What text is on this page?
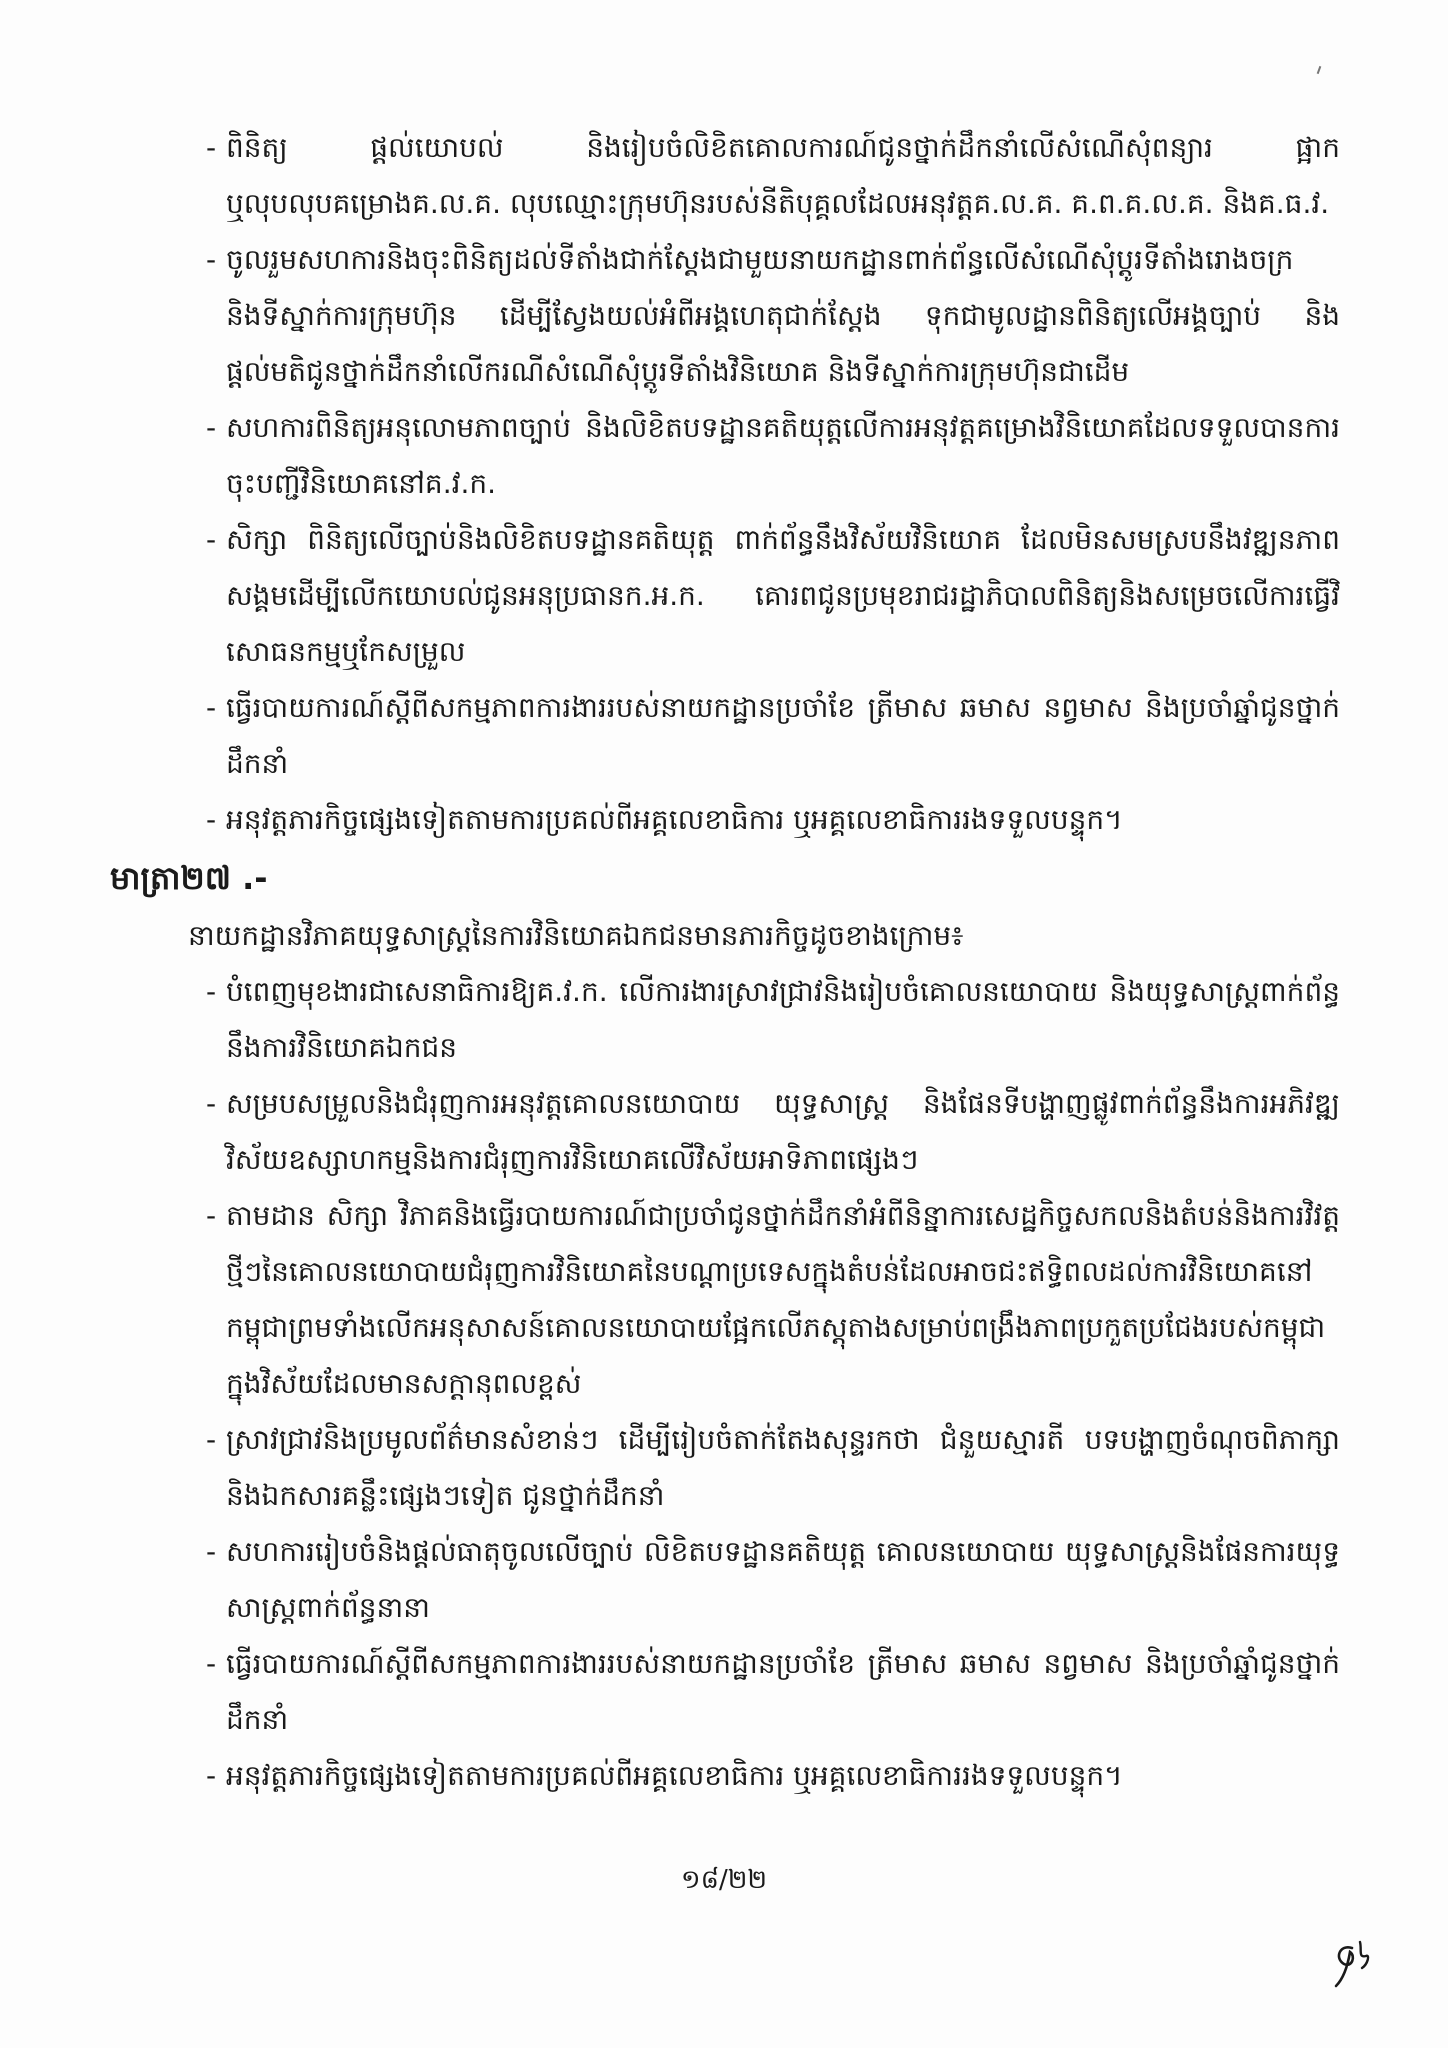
- ពិនិត្យ ផ្តល់យោបល់ និងរៀបចំលិខិតគោលការណ៍ជូនថ្នាក់ដឹកនាំលើសំណើសុំពន្យារ ផ្អាក ឬលុបលុបគម្រោងគ.ល.គ. លុបឈ្មោះក្រុមហ៊ុនរបស់នីតិបុគ្គលដែលអនុវត្តគ.ល.គ. គ.ព.គ.ល.គ. និងគ.ធ.វ.

- ចូលរួមសហការនិងចុះពិនិត្យដល់ទីតាំងជាក់ស្តែងជាមួយនាយកដ្ឋានពាក់ព័ន្ធលើសំណើសុំប្តូរទីតាំងរោងចក្រ និងទីស្នាក់ការក្រុមហ៊ុន ដើម្បីស្វែងយល់អំពីអង្គហេតុជាក់ស្តែង ទុកជាមូលដ្ឋានពិនិត្យលើអង្គច្បាប់ និងផ្តល់មតិជូនថ្នាក់ដឹកនាំលើករណីសំណើសុំប្តូរទីតាំងវិនិយោគ និងទីស្នាក់ការក្រុមហ៊ុនជាដើម

- សហការពិនិត្យអនុលោមភាពច្បាប់ និងលិខិតបទដ្ឋានគតិយុត្តលើការអនុវត្តគម្រោងវិនិយោគដែលទទួលបានការចុះបញ្ជីវិនិយោគនៅគ.វ.ក.

- សិក្សា ពិនិត្យលើច្បាប់និងលិខិតបទដ្ឋានគតិយុត្ត ពាក់ព័ន្ធនឹងវិស័យវិនិយោគ ដែលមិនសមស្របនឹងវឌ្ឍនភាពសង្គមដើម្បីលើកយោបល់ជូនអនុប្រធានក.អ.ក. គោរពជូនប្រមុខរាជរដ្ឋាភិបាលពិនិត្យនិងសម្រេចលើការធ្វើវិសោធនកម្មឬកែសម្រួល

- ធ្វើរបាយការណ៍ស្តីពីសកម្មភាពការងាររបស់នាយកដ្ឋានប្រចាំខែ ត្រីមាស ឆមាស នព្វមាស និងប្រចាំឆ្នាំជូនថ្នាក់ដឹកនាំ

- អនុវត្តភារកិច្ចផ្សេងទៀតតាមការប្រគល់ពីអគ្គលេខាធិការ ឬអគ្គលេខាធិការរងទទួលបន្ទុក។

មាត្រា២៧ .-

នាយកដ្ឋានវិភាគយុទ្ធសាស្ត្រនៃការវិនិយោគឯកជនមានភារកិច្ចដូចខាងក្រោម៖

- បំពេញមុខងារជាសេនាធិការឱ្យគ.វ.ក. លើការងារស្រាវជ្រាវនិងរៀបចំគោលនយោបាយ និងយុទ្ធសាស្ត្រពាក់ព័ន្ធនឹងការវិនិយោគឯកជន

- សម្របសម្រួលនិងជំរុញការអនុវត្តគោលនយោបាយ យុទ្ធសាស្ត្រ និងផែនទីបង្ហាញផ្លូវពាក់ព័ន្ធនឹងការអភិវឌ្ឍវិស័យឧស្សាហកម្មនិងការជំរុញការវិនិយោគលើវិស័យអាទិភាពផ្សេងៗ

- តាមដាន សិក្សា វិភាគនិងធ្វើរបាយការណ៍ជាប្រចាំជូនថ្នាក់ដឹកនាំអំពីនិន្នាការសេដ្ឋកិច្ចសកលនិងតំបន់និងការវិវត្តថ្មីៗនៃគោលនយោបាយជំរុញការវិនិយោគនៃបណ្តាប្រទេសក្នុងតំបន់ដែលអាចជះឥទ្ធិពលដល់ការវិនិយោគនៅកម្ពុជាព្រមទាំងលើកអនុសាសន៍គោលនយោបាយផ្អែកលើភស្តុតាងសម្រាប់ពង្រឹងភាពប្រកួតប្រជែងរបស់កម្ពុជាក្នុងវិស័យដែលមានសក្តានុពលខ្ពស់

- ស្រាវជ្រាវនិងប្រមូលព័ត៌មានសំខាន់ៗ ដើម្បីរៀបចំតាក់តែងសុន្ទរកថា ជំនួយស្មារតី បទបង្ហាញចំណុចពិភាក្សា និងឯកសារគន្លឹះផ្សេងៗទៀត ជូនថ្នាក់ដឹកនាំ

- សហការរៀបចំនិងផ្តល់ធាតុចូលលើច្បាប់ លិខិតបទដ្ឋានគតិយុត្ត គោលនយោបាយ យុទ្ធសាស្ត្រនិងផែនការយុទ្ធសាស្ត្រពាក់ព័ន្ធនានា

- ធ្វើរបាយការណ៍ស្តីពីសកម្មភាពការងាររបស់នាយកដ្ឋានប្រចាំខែ ត្រីមាស ឆមាស នព្វមាស និងប្រចាំឆ្នាំជូនថ្នាក់ដឹកនាំ

- អនុវត្តភារកិច្ចផ្សេងទៀតតាមការប្រគល់ពីអគ្គលេខាធិការ ឬអគ្គលេខាធិការរងទទួលបន្ទុក។

១៨/២២
